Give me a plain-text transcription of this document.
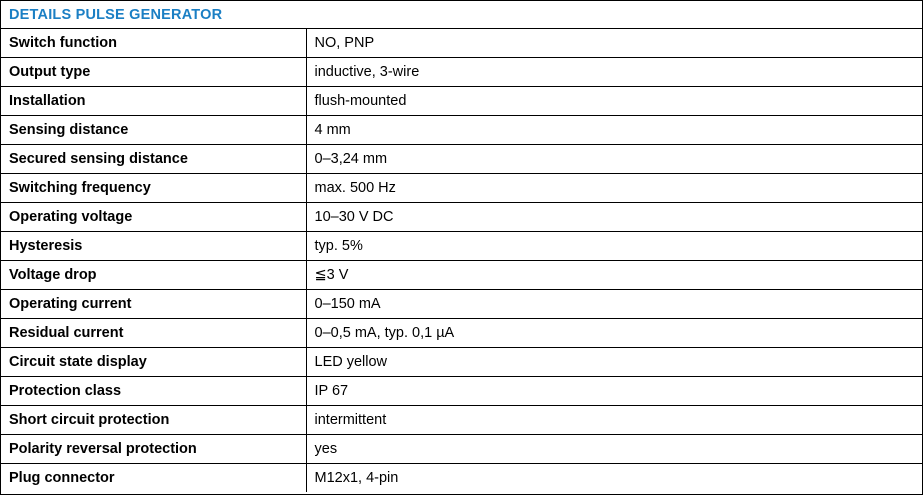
DETAILS PULSE GENERATOR	
Switch function	NO, PNP
Output type	inductive, 3-wire
Installation	flush-mounted
Sensing distance	4 mm
Secured sensing distance	0–3,24 mm
Switching frequency	max. 500 Hz
Operating voltage	10–30 V DC
Hysteresis	typ. 5%
Voltage drop	≦3 V
Operating current	0–150 mA
Residual current	0–0,5 mA, typ. 0,1 µA
Circuit state display	LED yellow
Protection class	IP 67
Short circuit protection	intermittent
Polarity reversal protection	yes
Plug connector	M12x1, 4-pin
